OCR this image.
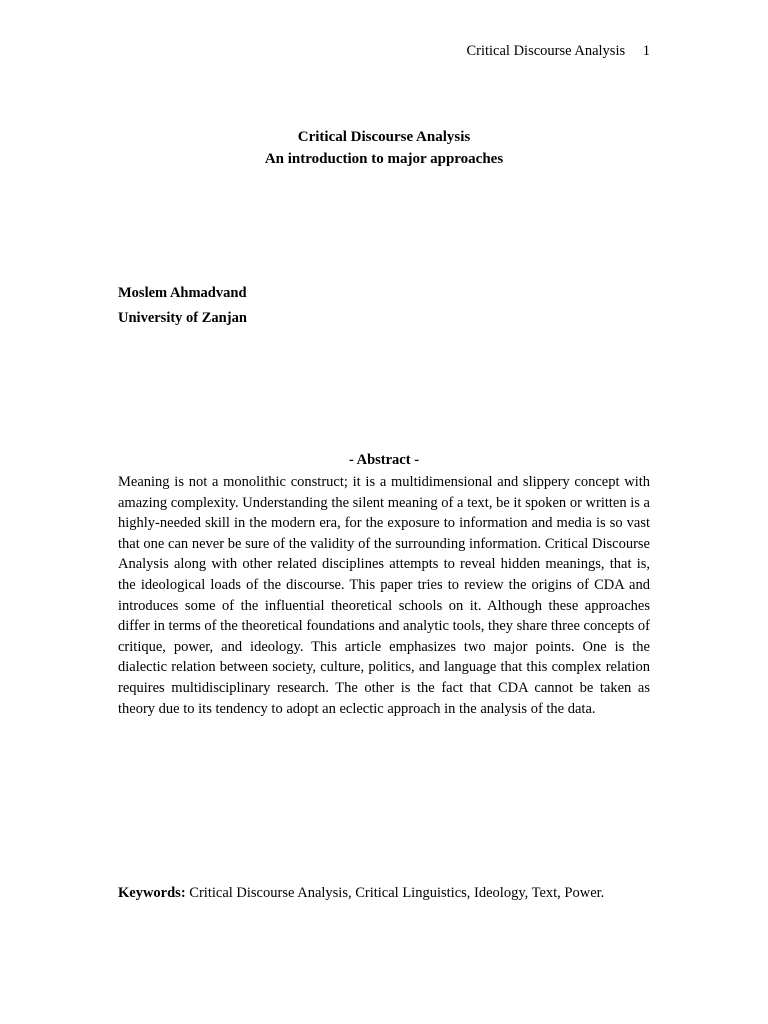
Critical Discourse Analysis 1
Critical Discourse Analysis
An introduction to major approaches
Moslem Ahmadvand
University of Zanjan
- Abstract -
Meaning is not a monolithic construct; it is a multidimensional and slippery concept with amazing complexity. Understanding the silent meaning of a text, be it spoken or written is a highly-needed skill in the modern era, for the exposure to information and media is so vast that one can never be sure of the validity of the surrounding information. Critical Discourse Analysis along with other related disciplines attempts to reveal hidden meanings, that is, the ideological loads of the discourse. This paper tries to review the origins of CDA and introduces some of the influential theoretical schools on it. Although these approaches differ in terms of the theoretical foundations and analytic tools, they share three concepts of critique, power, and ideology. This article emphasizes two major points. One is the dialectic relation between society, culture, politics, and language that this complex relation requires multidisciplinary research. The other is the fact that CDA cannot be taken as theory due to its tendency to adopt an eclectic approach in the analysis of the data.
Keywords: Critical Discourse Analysis, Critical Linguistics, Ideology, Text, Power.
